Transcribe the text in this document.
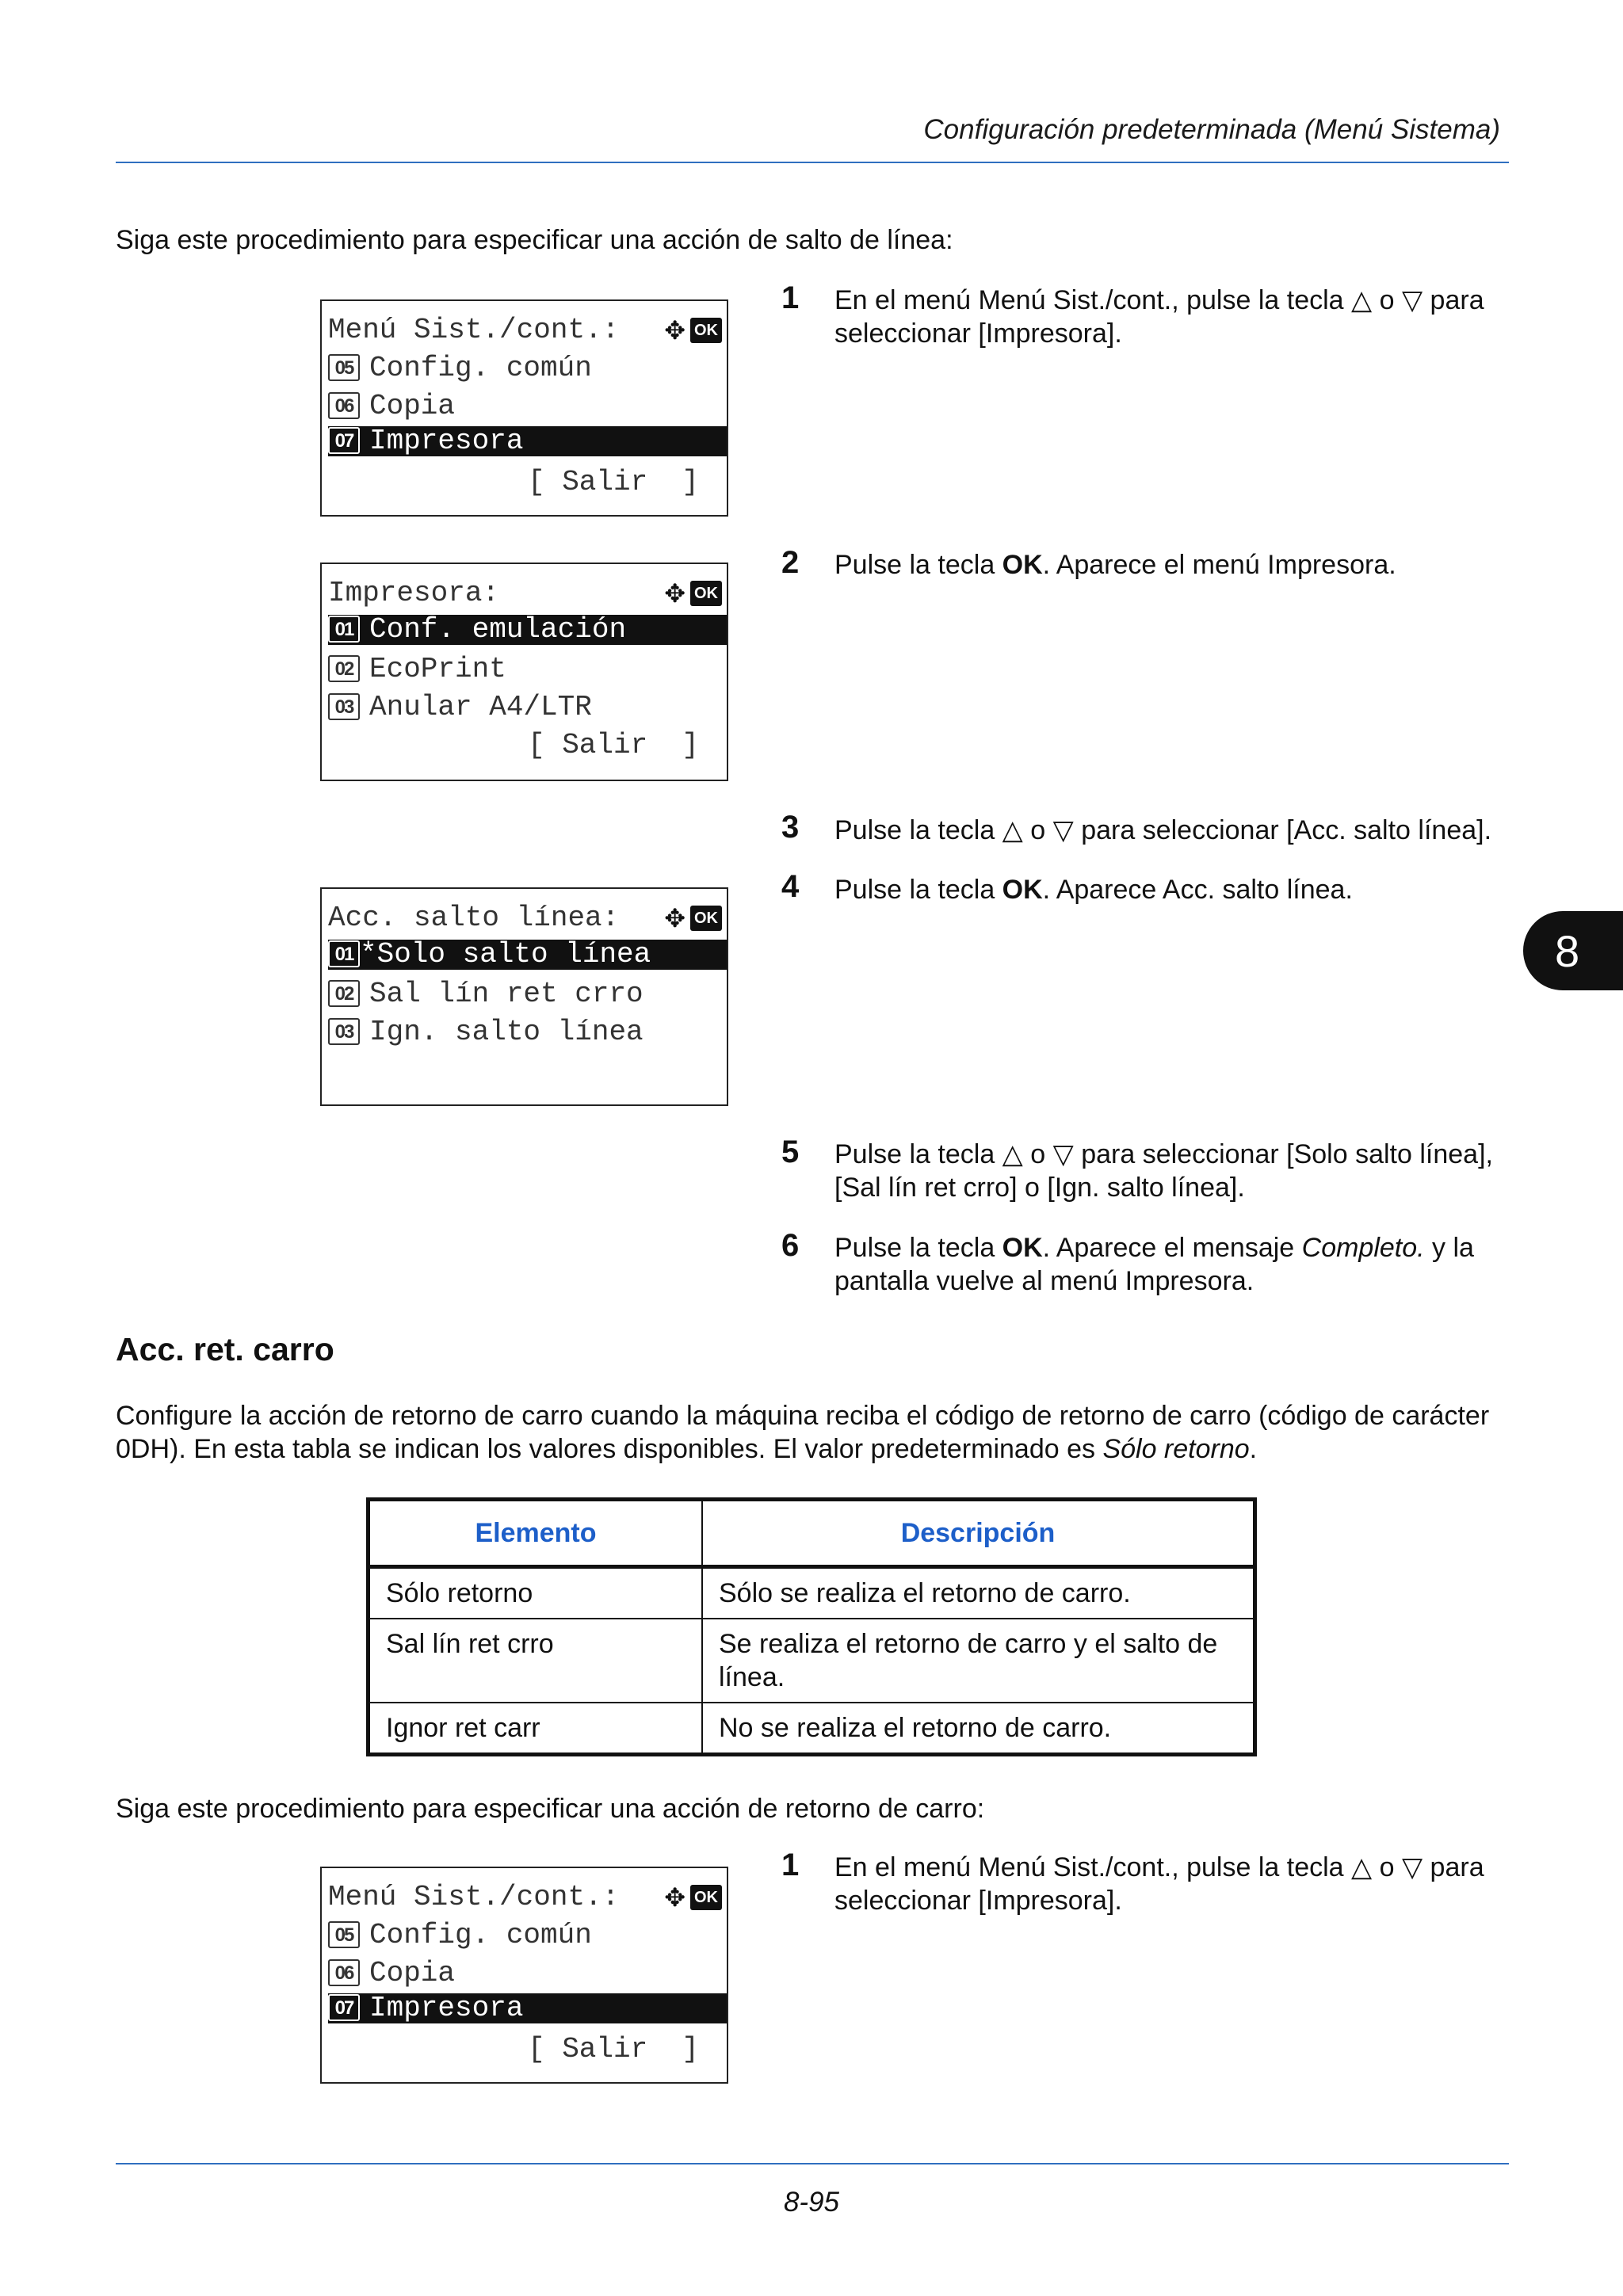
Configuración predeterminada (Menú Sistema)
Siga este procedimiento para especificar una acción de salto de línea:
Menú Sist./cont.:	✥ OK
05 Config. común
06 Copia
07 Impresora
[ Salir  ]
Impresora:	✥ OK
01 Conf. emulación
02 EcoPrint
03 Anular A4/LTR
[ Salir  ]
Acc. salto línea:	✥ OK
01 *Solo salto línea
02 Sal lín ret crro
03 Ign. salto línea
1 En el menú Menú Sist./cont., pulse la tecla △ o ▽ para seleccionar [Impresora].
2 Pulse la tecla OK. Aparece el menú Impresora.
3 Pulse la tecla △ o ▽ para seleccionar [Acc. salto línea].
4 Pulse la tecla OK. Aparece Acc. salto línea.
5 Pulse la tecla △ o ▽ para seleccionar [Solo salto línea], [Sal lín ret crro] o [Ign. salto línea].
6 Pulse la tecla OK. Aparece el mensaje Completo. y la pantalla vuelve al menú Impresora.
8
Acc. ret. carro
Configure la acción de retorno de carro cuando la máquina reciba el código de retorno de carro (código de carácter 0DH). En esta tabla se indican los valores disponibles. El valor predeterminado es Sólo retorno.
Elemento	Descripción
Sólo retorno	Sólo se realiza el retorno de carro.
Sal lín ret crro	Se realiza el retorno de carro y el salto de línea.
Ignor ret carr	No se realiza el retorno de carro.
Siga este procedimiento para especificar una acción de retorno de carro:
Menú Sist./cont.:	✥ OK
05 Config. común
06 Copia
07 Impresora
[ Salir  ]
1 En el menú Menú Sist./cont., pulse la tecla △ o ▽ para seleccionar [Impresora].
8-95
